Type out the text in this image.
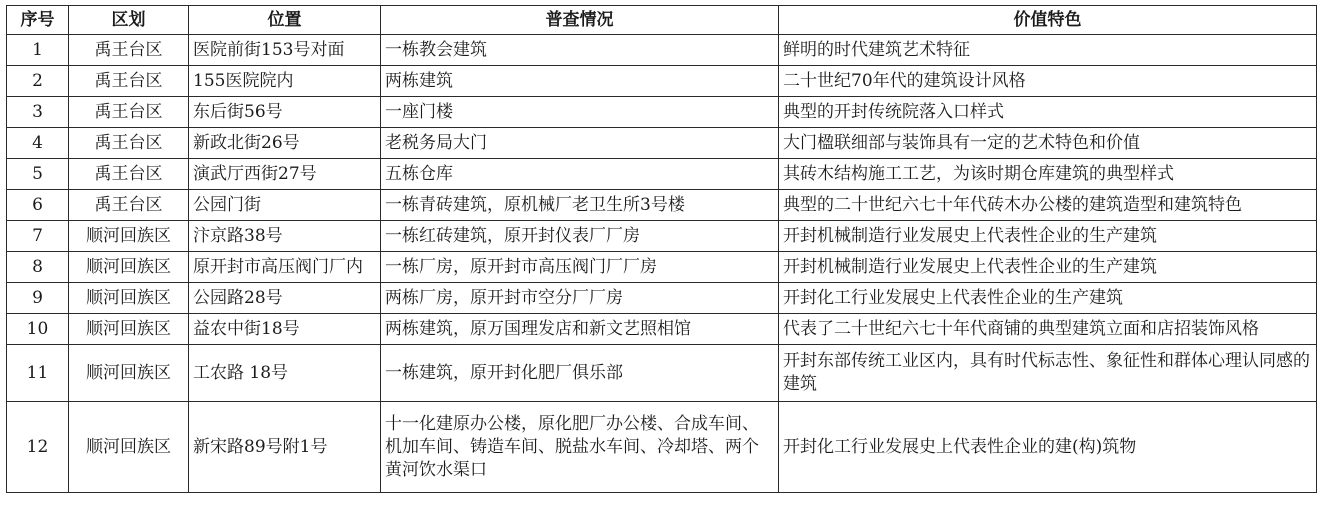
序号	区划	位置	普查情况	价值特色
1	禹王台区	医院前街153号对面	一栋教会建筑	鲜明的时代建筑艺术特征
2	禹王台区	155医院院内	两栋建筑	二十世纪70年代的建筑设计风格
3	禹王台区	东后街56号	一座门楼	典型的开封传统院落入口样式
4	禹王台区	新政北街26号	老税务局大门	大门楹联细部与装饰具有一定的艺术特色和价值
5	禹王台区	演武厅西街27号	五栋仓库	其砖木结构施工工艺，为该时期仓库建筑的典型样式
6	禹王台区	公园门街	一栋青砖建筑，原机械厂老卫生所3号楼	典型的二十世纪六七十年代砖木办公楼的建筑造型和建筑特色
7	顺河回族区	汴京路38号	一栋红砖建筑，原开封仪表厂厂房	开封机械制造行业发展史上代表性企业的生产建筑
8	顺河回族区	原开封市高压阀门厂内	一栋厂房，原开封市高压阀门厂厂房	开封机械制造行业发展史上代表性企业的生产建筑
9	顺河回族区	公园路28号	两栋厂房，原开封市空分厂厂房	开封化工行业发展史上代表性企业的生产建筑
10	顺河回族区	益农中街18号	两栋建筑，原万国理发店和新文艺照相馆	代表了二十世纪六七十年代商铺的典型建筑立面和店招装饰风格
11	顺河回族区	工农路 18号	一栋建筑，原开封化肥厂俱乐部	开封东部传统工业区内，具有时代标志性、象征性和群体心理认同感的建筑
12	顺河回族区	新宋路89号附1号	十一化建原办公楼，原化肥厂办公楼、合成车间、机加车间、铸造车间、脱盐水车间、冷却塔、两个黄河饮水渠口	开封化工行业发展史上代表性企业的建(构)筑物
